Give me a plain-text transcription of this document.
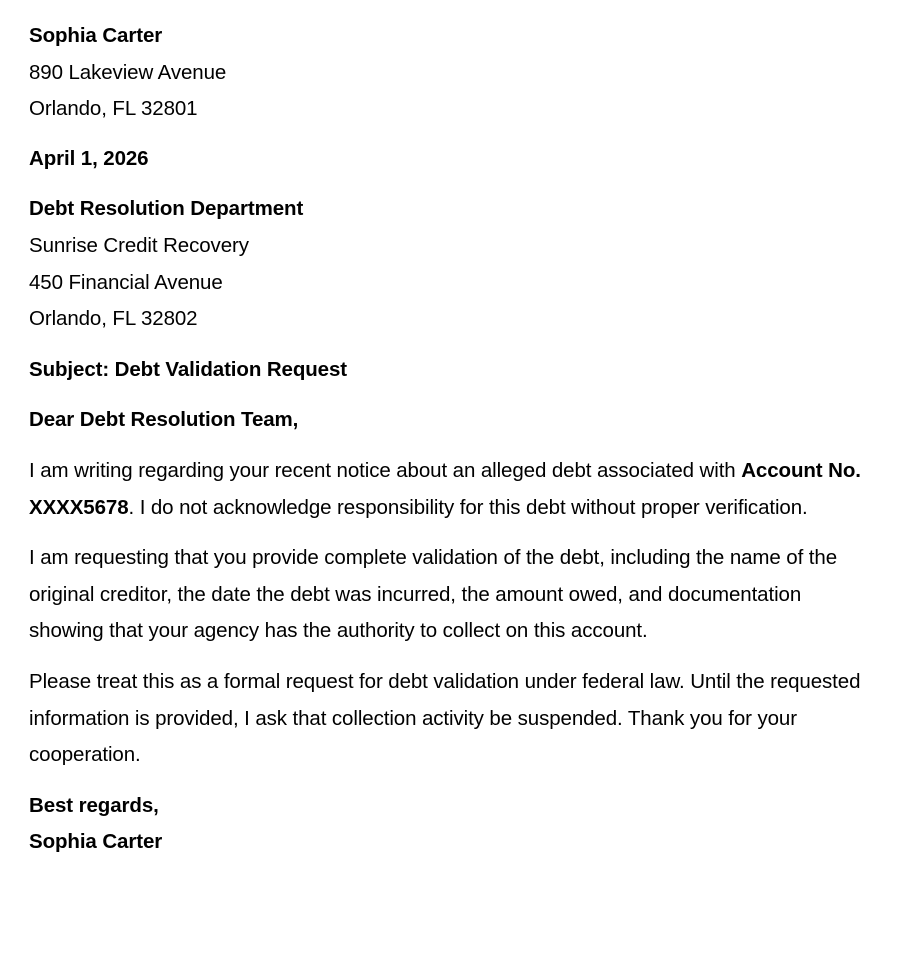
Sophia Carter
890 Lakeview Avenue
Orlando, FL 32801
April 1, 2026
Debt Resolution Department
Sunrise Credit Recovery
450 Financial Avenue
Orlando, FL 32802
Subject: Debt Validation Request
Dear Debt Resolution Team,

I am writing regarding your recent notice about an alleged debt associated with Account No. XXXX5678. I do not acknowledge responsibility for this debt without proper verification.

I am requesting that you provide complete validation of the debt, including the name of the original creditor, the date the debt was incurred, the amount owed, and documentation showing that your agency has the authority to collect on this account.

Please treat this as a formal request for debt validation under federal law. Until the requested information is provided, I ask that collection activity be suspended. Thank you for your cooperation.

Best regards,
Sophia Carter
